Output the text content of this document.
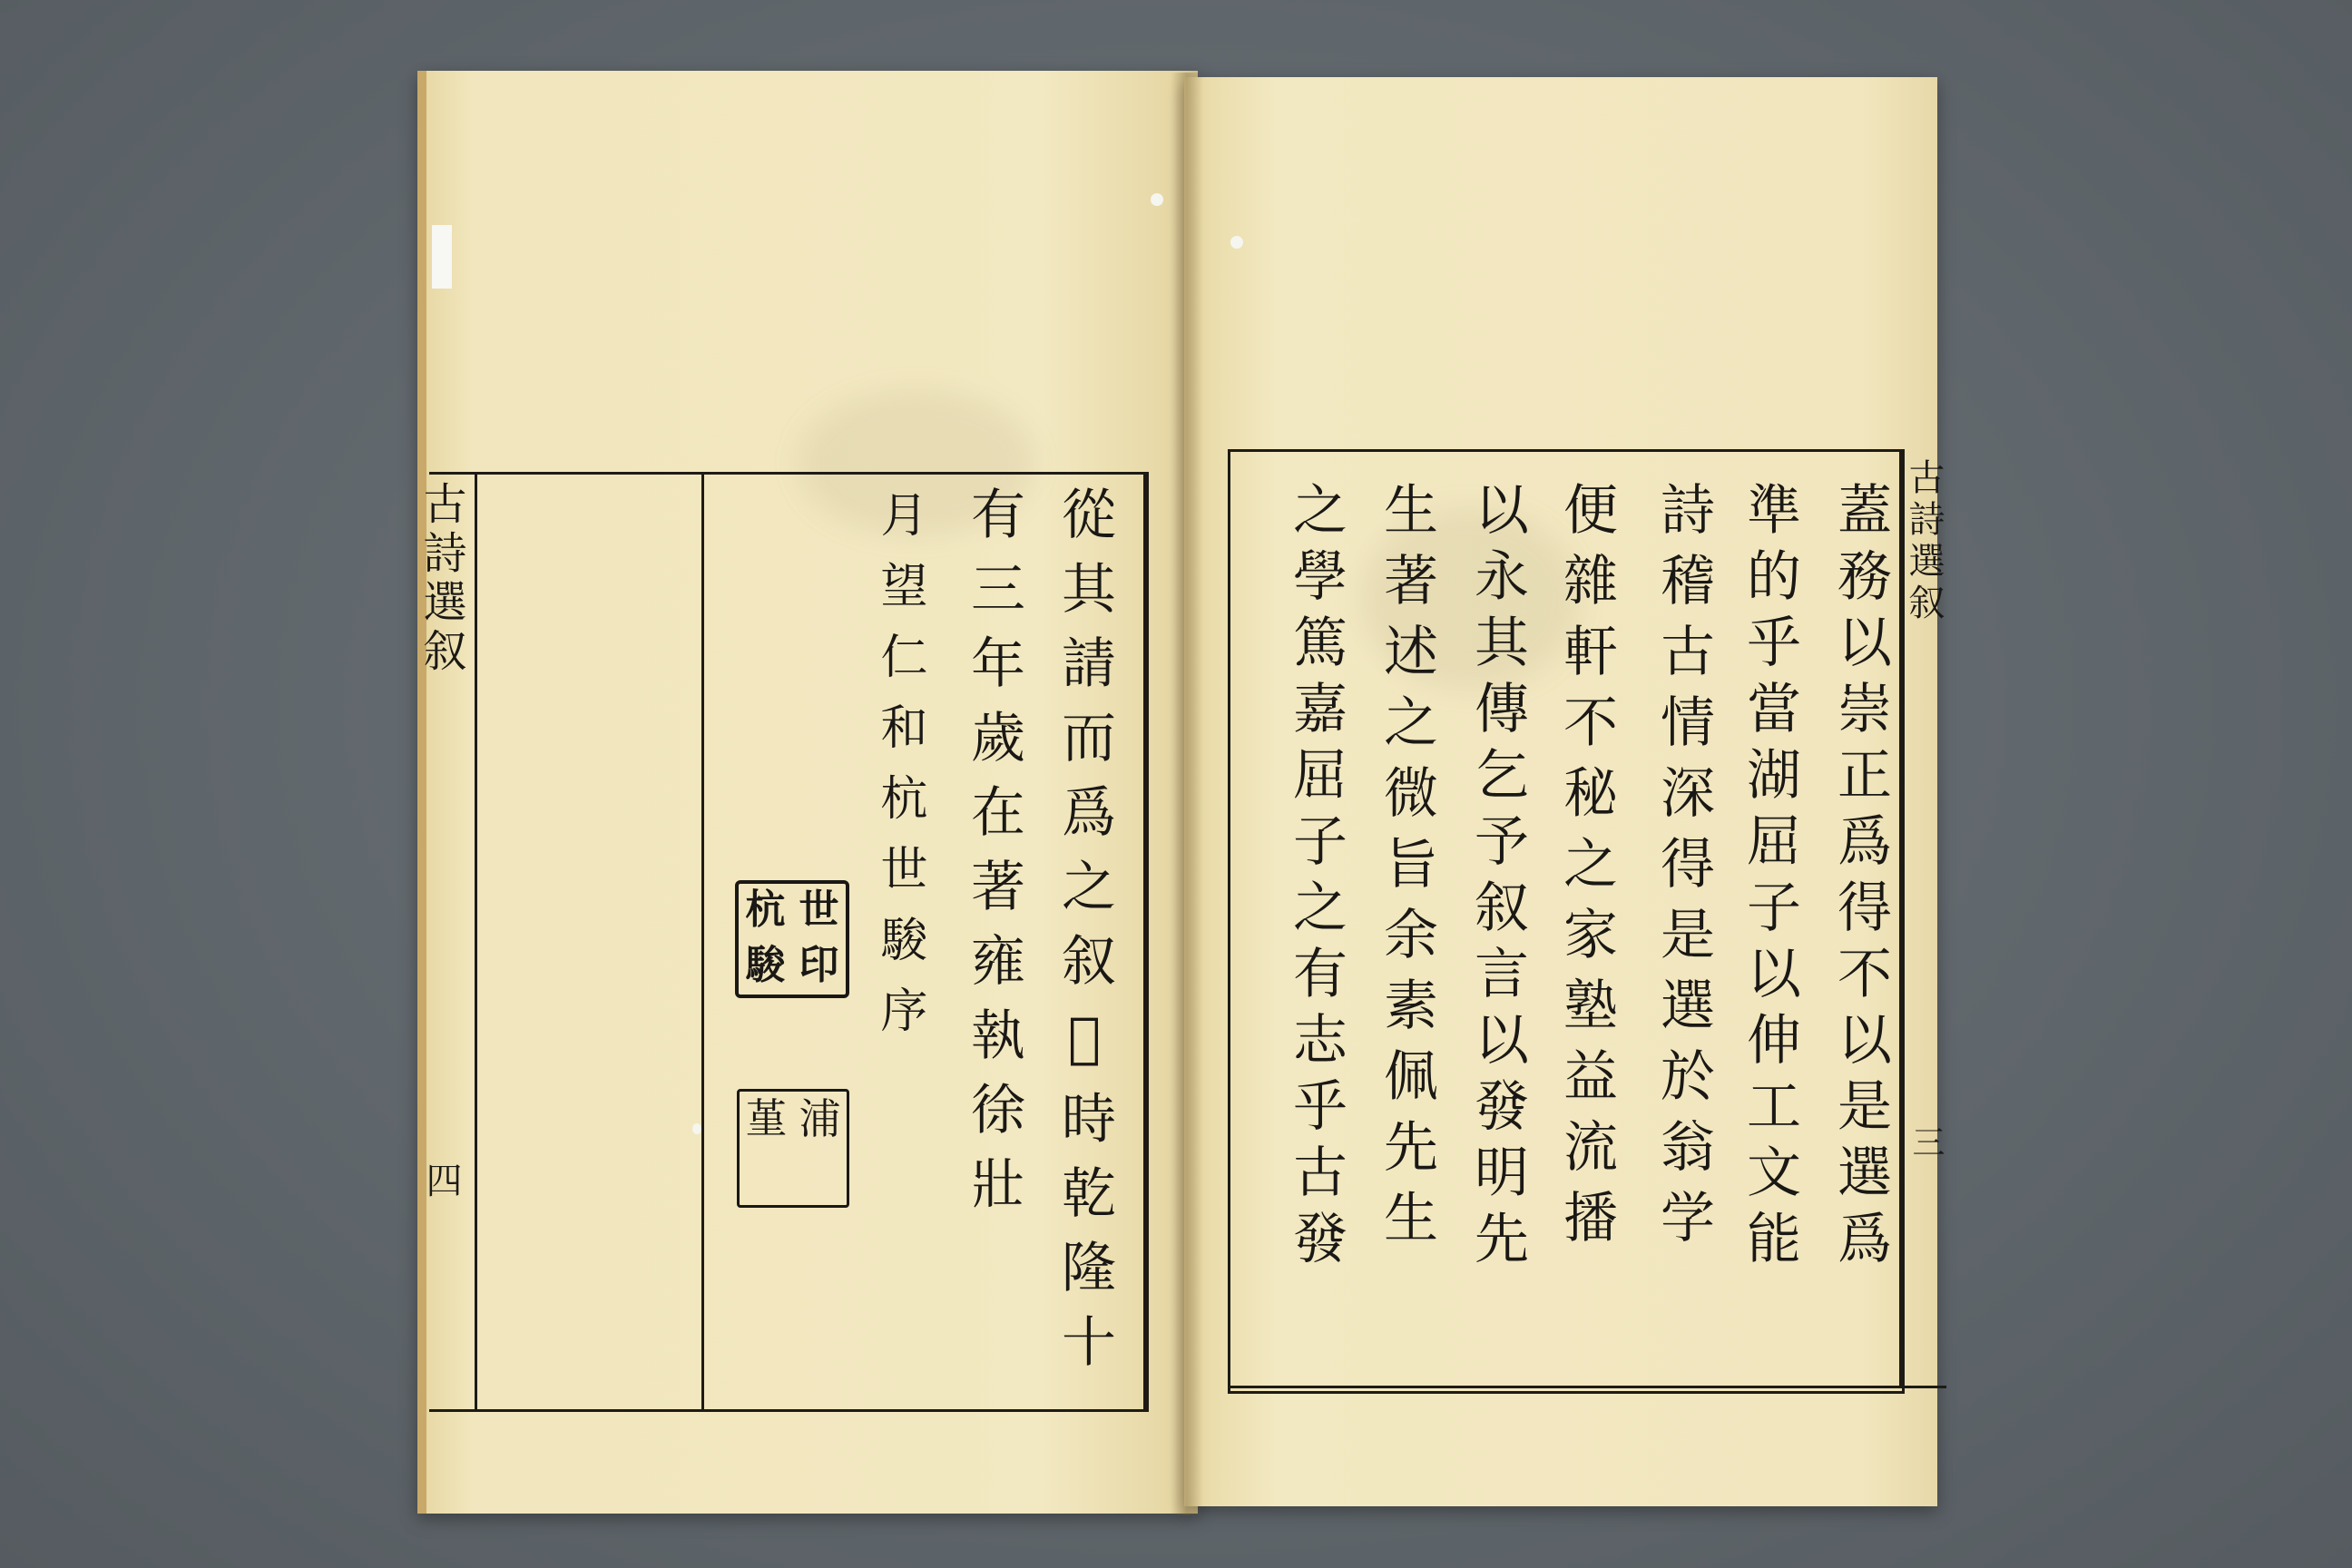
古詩選叙
四	從其請而爲之叙𠯁時乾隆十
有三年歲在著雍執徐壯
月望仁和杭世駿序
杭 世
駿 印
堇 浦
古詩選叙
三
蓋務以崇正爲得不以是選爲
準的乎當湖屈子以伸工文能
詩稽古情深得是選於翁学
便雜軒不秘之家塾益流播
以永其傳乞予叙言以發明先
生著述之微旨余素佩先生
之學篤嘉屈子之有志乎古發
